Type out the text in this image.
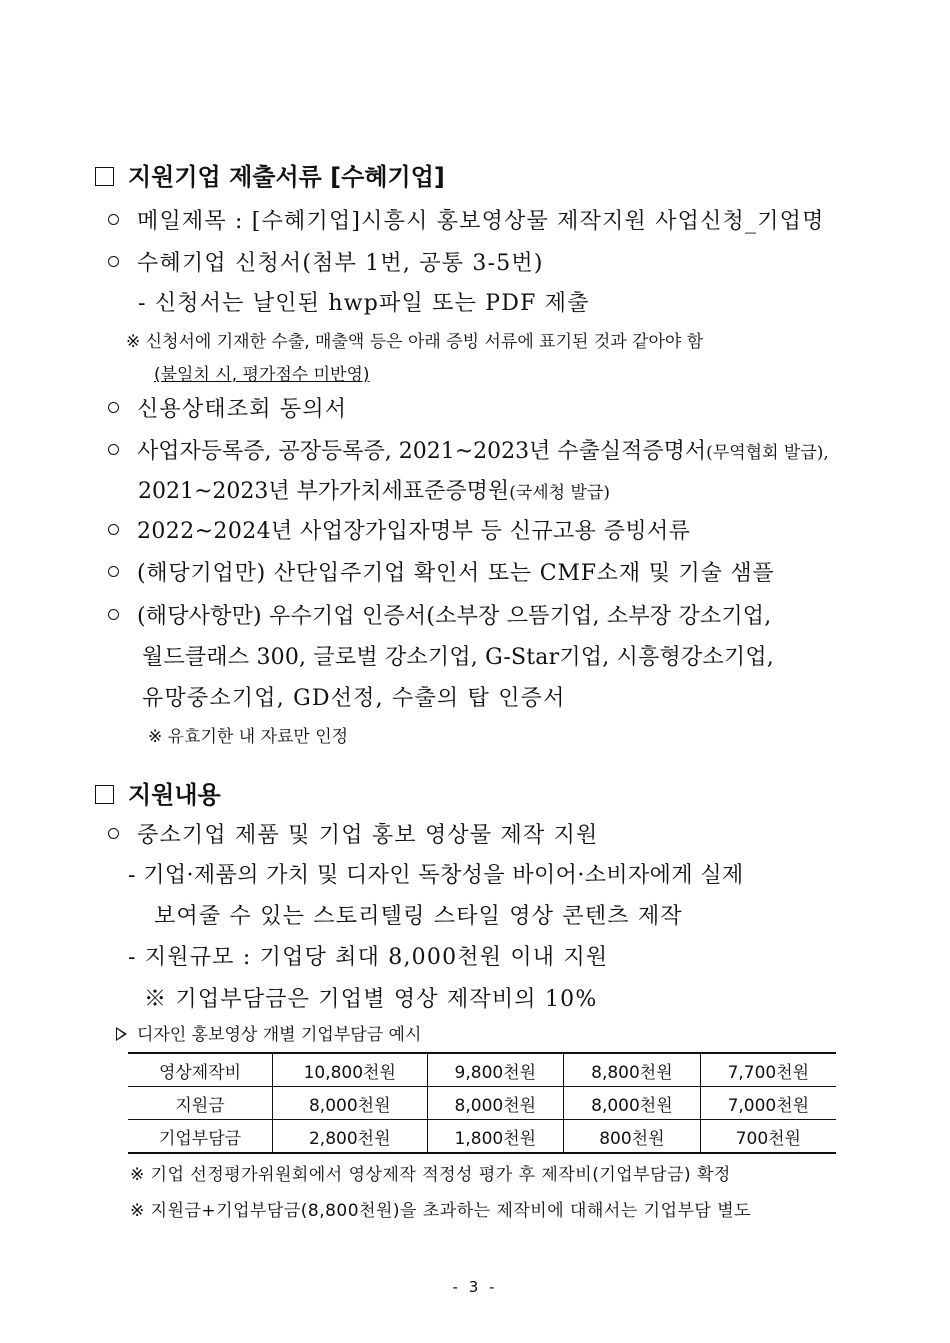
지원기업 제출서류 [수혜기업]
메일제목 : [수혜기업]시흥시 홍보영상물 제작지원 사업신청_기업명
수혜기업 신청서(첨부 1번, 공통 3-5번)
- 신청서는 날인된 hwp파일 또는 PDF 제출
※ 신청서에 기재한 수출, 매출액 등은 아래 증빙 서류에 표기된 것과 같아야 함
(불일치 시, 평가점수 미반영)
신용상태조회 동의서
사업자등록증, 공장등록증, 2021~2023년 수출실적증명서(무역협회 발급),
2021~2023년 부가가치세표준증명원(국세청 발급)
2022~2024년 사업장가입자명부 등 신규고용 증빙서류
(해당기업만) 산단입주기업 확인서 또는 CMF소재 및 기술 샘플
(해당사항만) 우수기업 인증서(소부장 으뜸기업, 소부장 강소기업,
월드클래스 300, 글로벌 강소기업, G-Star기업, 시흥형강소기업,
유망중소기업, GD선정, 수출의 탑 인증서
※ 유효기한 내 자료만 인정
지원내용
중소기업 제품 및 기업 홍보 영상물 제작 지원
- 기업·제품의 가치 및 디자인 독창성을 바이어·소비자에게 실제
보여줄 수 있는 스토리텔링 스타일 영상 콘텐츠 제작
- 지원규모 : 기업당 최대 8,000천원 이내 지원
※ 기업부담금은 기업별 영상 제작비의 10%
디자인 홍보영상 개별 기업부담금 예시
영상제작비	10,800천원	9,800천원	8,800천원	7,700천원
지원금	8,000천원	8,000천원	8,000천원	7,000천원
기업부담금	2,800천원	1,800천원	800천원	700천원
※ 기업 선정평가위원회에서 영상제작 적정성 평가 후 제작비(기업부담금) 확정
※ 지원금+기업부담금(8,800천원)을 초과하는 제작비에 대해서는 기업부담 별도
- 3 -
